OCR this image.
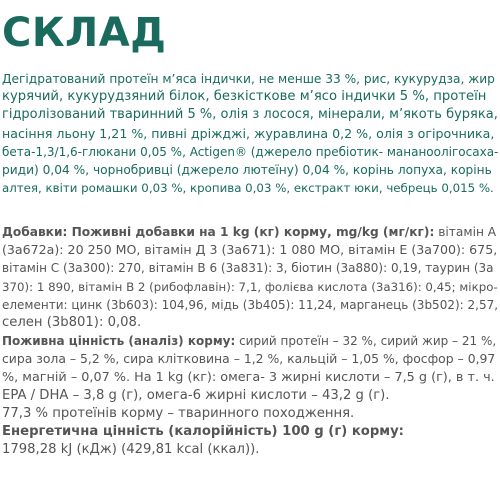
СКЛАД

Дегідратований протеїн м’яса індички, не менше 33 %, рис, кукурудза, жир
курячий, кукурудзяний білок, безкісткове м’ясо індички 5 %, протеїн
гідролізований тваринний 5 %, олія з лосося, мінерали, м’якоть буряка,
насіння льону 1,21 %, пивні дріжджі, журавлина 0,2 %, олія з огірочника,
бета-1,3/1,6-глюкани 0,05 %, Actigen® (джерело пребіотик- мананоолігосаха-
риди) 0,04 %, чорнобривці (джерело лютеїну) 0,04 %, корінь лопуха, корінь
алтея, квіти ромашки 0,03 %, кропива 0,03 %, екстракт юки, чебрець 0,015 %.

Добавки: Поживні добавки на 1 kg (кг) корму, mg/kg (мг/кг): вітамін А
(3а672а): 20 250 МО, вітамін Д 3 (3а671): 1 080 МО, вітамін Е (3а700): 675,
вітамін С (3а300): 270, вітамін В 6 (3а831): 3, біотин (3а880): 0,19, таурин (3а
370): 1 890, вітамін В 2 (рибофлавін): 7,1, фолієва кислота (3а316): 0,45; мікро-
елементи: цинк (3b603): 104,96, мідь (3b405): 11,24, марганець (3b502): 2,57,
селен (3b801): 0,08.
Поживна цінність (аналіз) корму: сирий протеїн – 32 %, сирий жир – 21 %,
сира зола – 5,2 %, сира клітковина – 1,2 %, кальцій – 1,05 %, фосфор – 0,97
%, магній – 0,07 %. На 1 kg (кг): омега- 3 жирні кислоти – 7,5 g (г), в т. ч.
EPA / DHA – 3,8 g (г), омега-6 жирні кислоти – 43,2 g (г).
77,3 % протеїнів корму – тваринного походження.
Енергетична цінність (калорійність) 100 g (г) корму:
1798,28 kJ (кДж) (429,81 kcal (ккал)).
